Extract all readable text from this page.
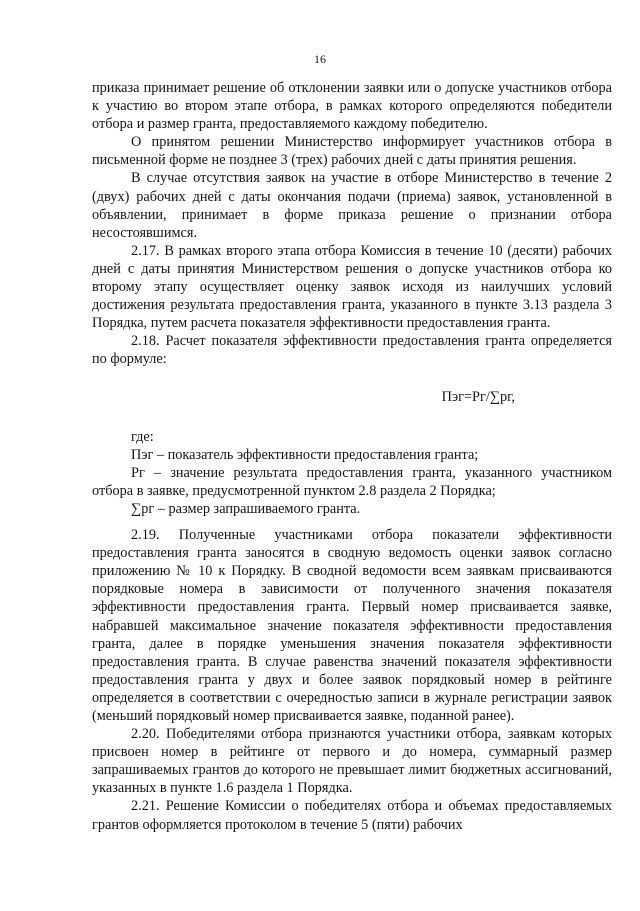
16

приказа принимает решение об отклонении заявки или о допуске участников отбора к участию во втором этапе отбора, в рамках которого определяются победители отбора и размер гранта, предоставляемого каждому победителю.

О принятом решении Министерство информирует участников отбора в письменной форме не позднее 3 (трех) рабочих дней с даты принятия решения.

В случае отсутствия заявок на участие в отборе Министерство в течение 2 (двух) рабочих дней с даты окончания подачи (приема) заявок, установленной в объявлении, принимает в форме приказа решение о признании отбора несостоявшимся.

2.17. В рамках второго этапа отбора Комиссия в течение 10 (десяти) рабочих дней с даты принятия Министерством решения о допуске участников отбора ко второму этапу осуществляет оценку заявок исходя из наилучших условий достижения результата предоставления гранта, указанного в пункте 3.13 раздела 3 Порядка, путем расчета показателя эффективности предоставления гранта.

2.18. Расчет показателя эффективности предоставления гранта определяется по формуле:

Пэг=Рг/∑рг,

где:

Пэг – показатель эффективности предоставления гранта;

Рг – значение результата предоставления гранта, указанного участником отбора в заявке, предусмотренной пунктом 2.8 раздела 2 Порядка;

∑рг – размер запрашиваемого гранта.

2.19. Полученные участниками отбора показатели эффективности предоставления гранта заносятся в сводную ведомость оценки заявок согласно приложению № 10 к Порядку. В сводной ведомости всем заявкам присваиваются порядковые номера в зависимости от полученного значения показателя эффективности предоставления гранта. Первый номер присваивается заявке, набравшей максимальное значение показателя эффективности предоставления гранта, далее в порядке уменьшения значения показателя эффективности предоставления гранта. В случае равенства значений показателя эффективности предоставления гранта у двух и более заявок порядковый номер в рейтинге определяется в соответствии с очередностью записи в журнале регистрации заявок (меньший порядковый номер присваивается заявке, поданной ранее).

2.20. Победителями отбора признаются участники отбора, заявкам которых присвоен номер в рейтинге от первого и до номера, суммарный размер запрашиваемых грантов до которого не превышает лимит бюджетных ассигнований, указанных в пункте 1.6 раздела 1 Порядка.

2.21. Решение Комиссии о победителях отбора и объемах предоставляемых грантов оформляется протоколом в течение 5 (пяти) рабочих
